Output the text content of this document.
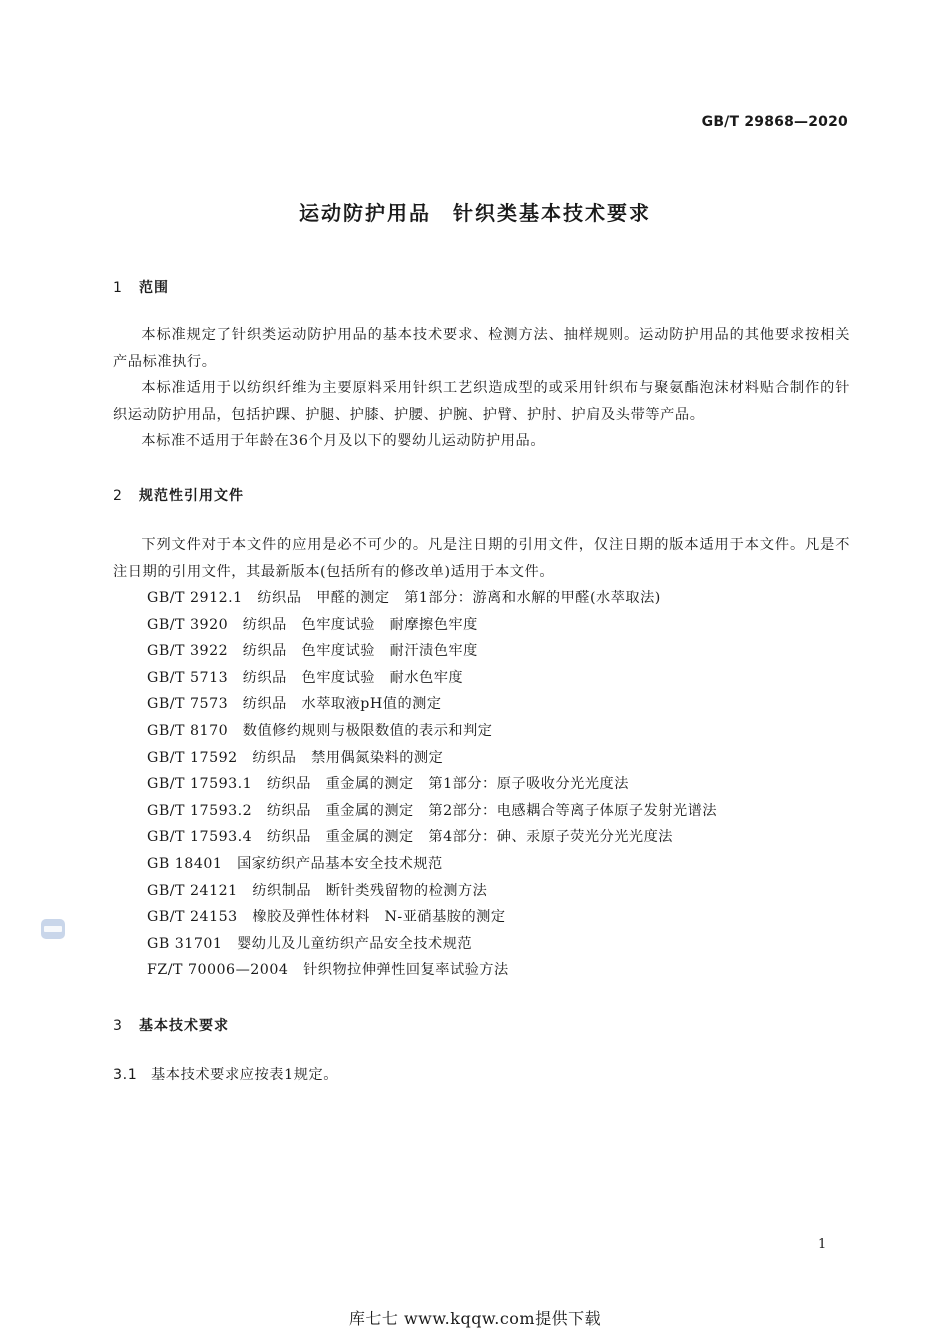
GB/T 29868—2020
运动防护用品　针织类基本技术要求
1 范围
本标准规定了针织类运动防护用品的基本技术要求、检测方法、抽样规则。运动防护用品的其他要求按相关产品标准执行。
本标准适用于以纺织纤维为主要原料采用针织工艺织造成型的或采用针织布与聚氨酯泡沫材料贴合制作的针织运动防护用品，包括护踝、护腿、护膝、护腰、护腕、护臂、护肘、护肩及头带等产品。
本标准不适用于年龄在36个月及以下的婴幼儿运动防护用品。
2 规范性引用文件
下列文件对于本文件的应用是必不可少的。凡是注日期的引用文件，仅注日期的版本适用于本文件。凡是不注日期的引用文件，其最新版本(包括所有的修改单)适用于本文件。
GB/T 2912.1　纺织品　甲醛的测定　第1部分：游离和水解的甲醛(水萃取法)
GB/T 3920　纺织品　色牢度试验　耐摩擦色牢度
GB/T 3922　纺织品　色牢度试验　耐汗渍色牢度
GB/T 5713　纺织品　色牢度试验　耐水色牢度
GB/T 7573　纺织品　水萃取液pH值的测定
GB/T 8170　数值修约规则与极限数值的表示和判定
GB/T 17592　纺织品　禁用偶氮染料的测定
GB/T 17593.1　纺织品　重金属的测定　第1部分：原子吸收分光光度法
GB/T 17593.2　纺织品　重金属的测定　第2部分：电感耦合等离子体原子发射光谱法
GB/T 17593.4　纺织品　重金属的测定　第4部分：砷、汞原子荧光分光光度法
GB 18401　国家纺织产品基本安全技术规范
GB/T 24121　纺织制品　断针类残留物的检测方法
GB/T 24153　橡胶及弹性体材料　N-亚硝基胺的测定
GB 31701　婴幼儿及儿童纺织产品安全技术规范
FZ/T 70006—2004　针织物拉伸弹性回复率试验方法
3 基本技术要求
3.1 基本技术要求应按表1规定。
1
库七七 www.kqqw.com提供下载
